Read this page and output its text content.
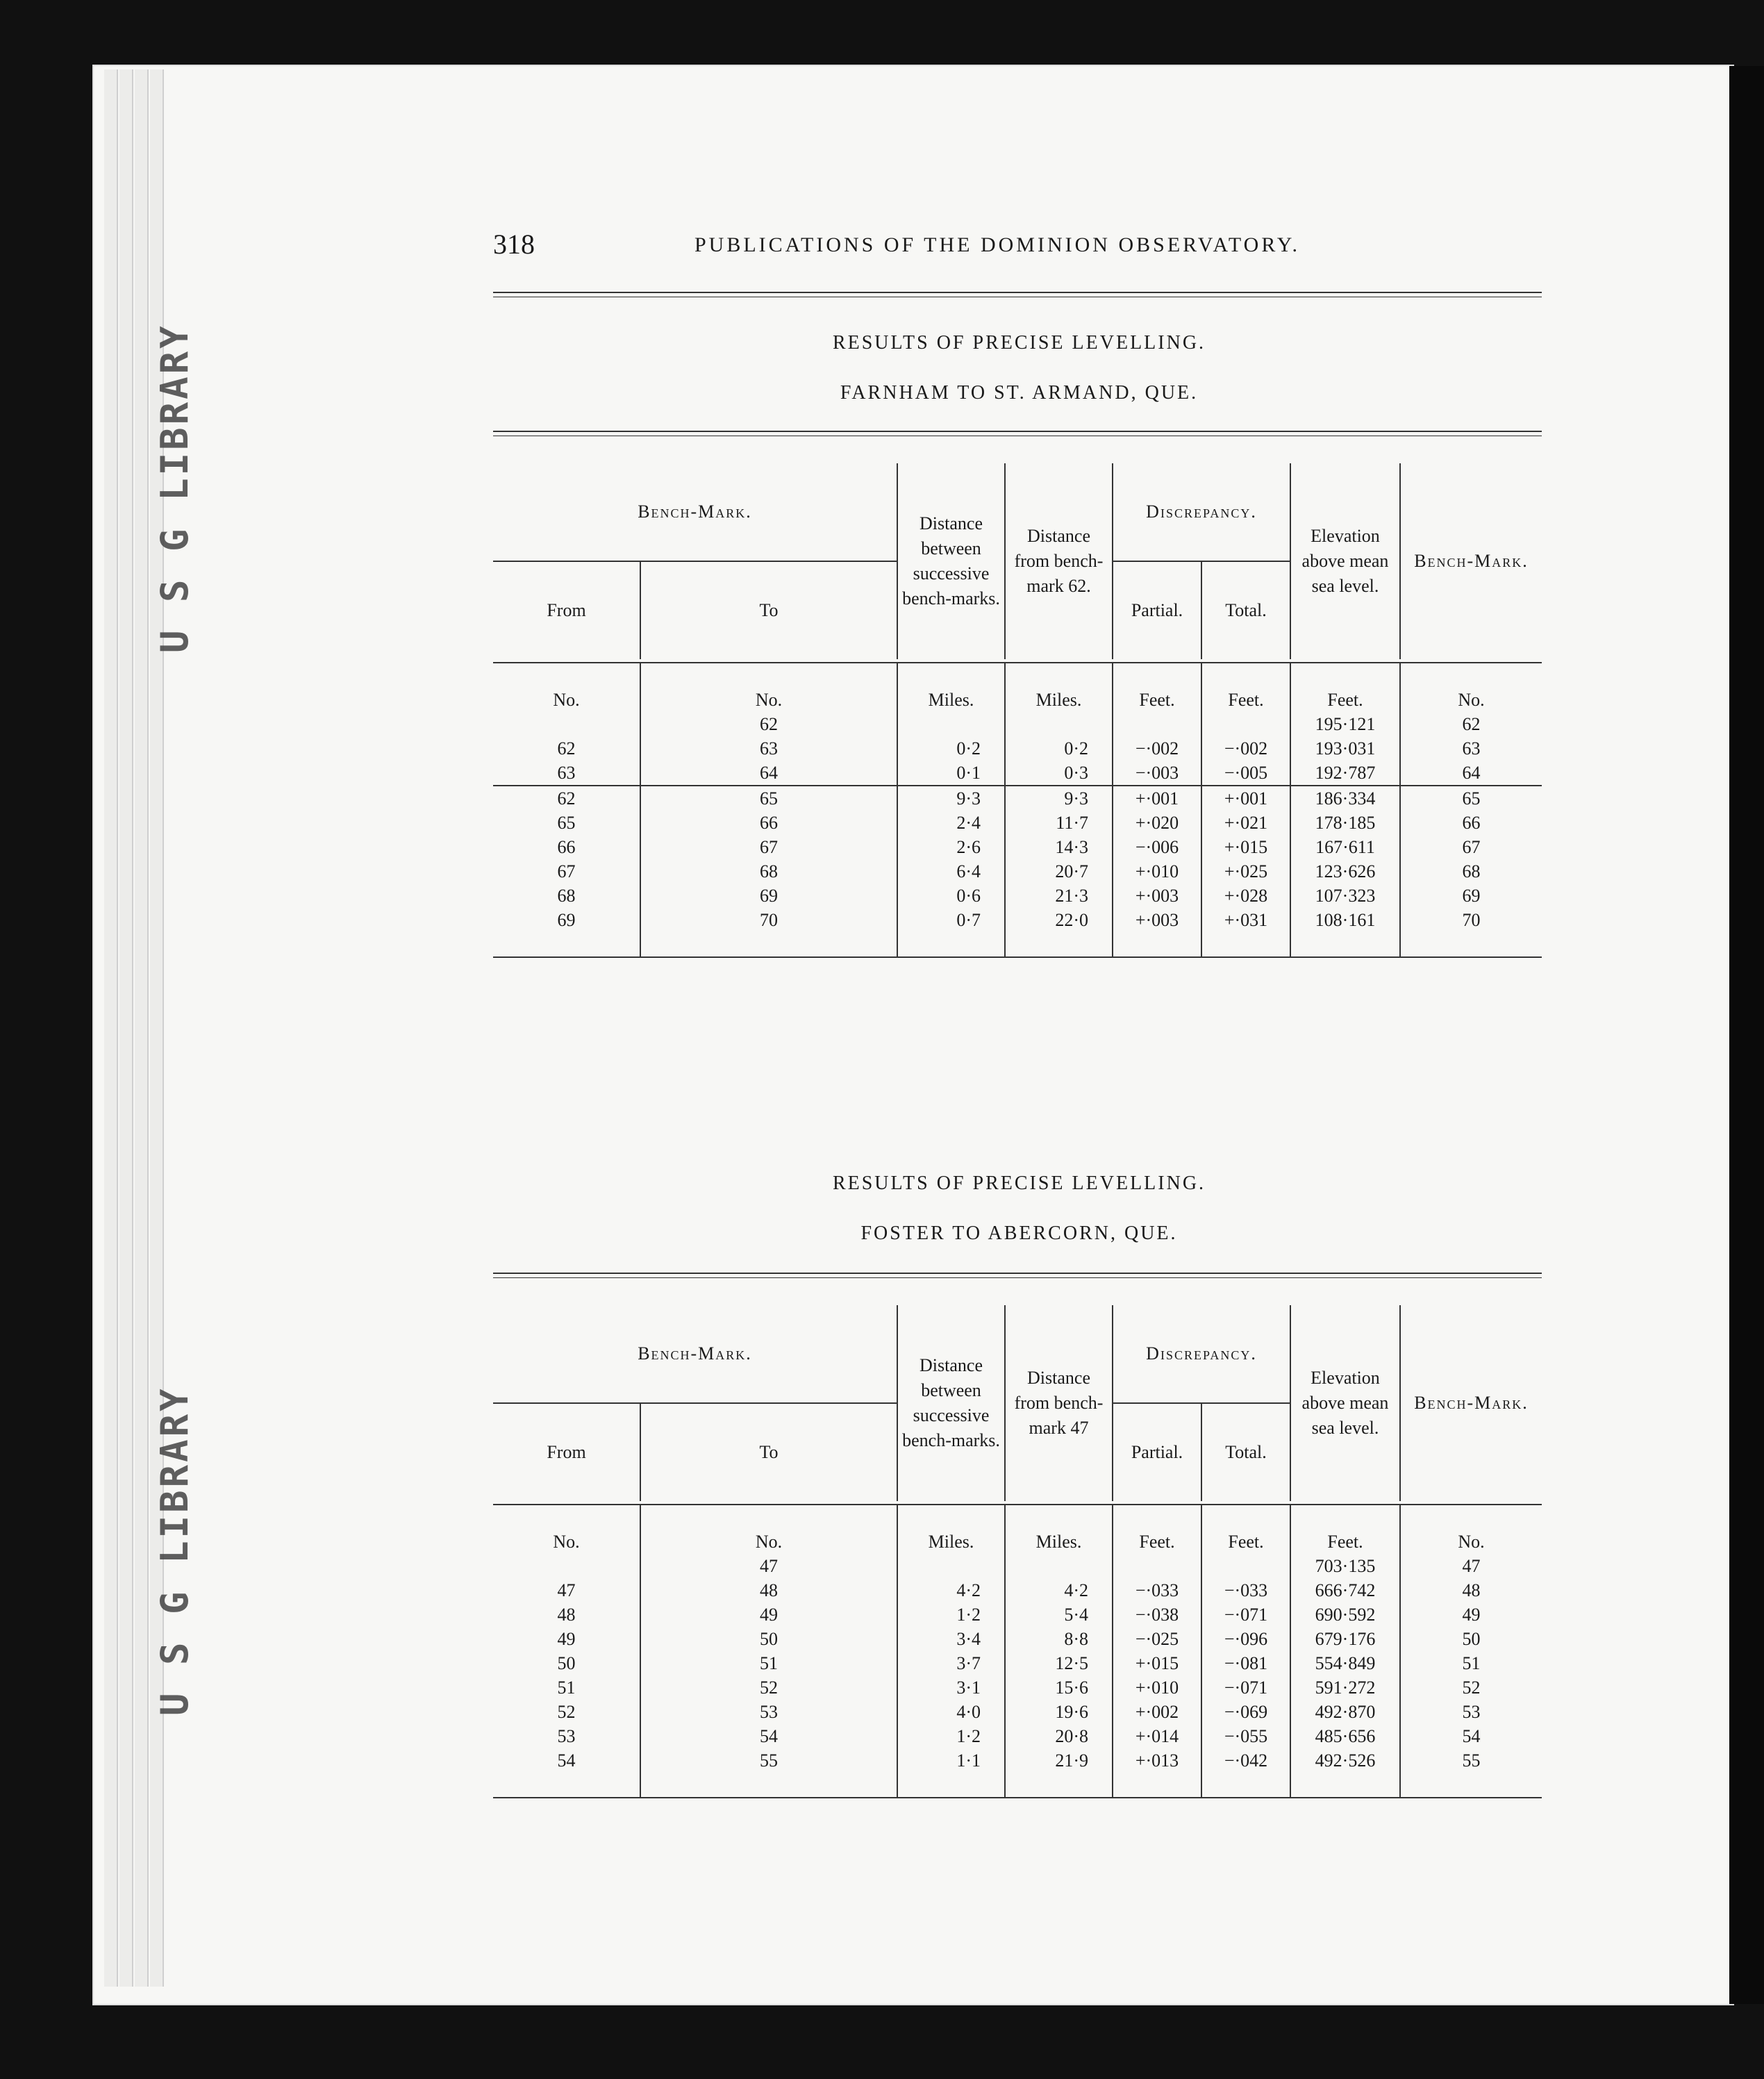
U S G LIBRARY
U S G LIBRARY
318	PUBLICATIONS OF THE DOMINION OBSERVATORY.
RESULTS OF PRECISE LEVELLING.
FARNHAM TO ST. ARMAND, QUE.

Bench-Mark.		Distance between successive bench-marks.	Distance from bench-mark 62.	Discrepancy.		Elevation above mean sea level.	Bench-Mark.
From	To			Partial.	Total.		

No.	No.	Miles.	Miles.	Feet.	Feet.	Feet.	No.
	62					195·121	62
62	63	0·2	0·2	−·002	−·002	193·031	63
63	64	0·1	0·3	−·003	−·005	192·787	64
62	65	9·3	9·3	+·001	+·001	186·334	65
65	66	2·4	11·7	+·020	+·021	178·185	66
66	67	2·6	14·3	−·006	+·015	167·611	67
67	68	6·4	20·7	+·010	+·025	123·626	68
68	69	0·6	21·3	+·003	+·028	107·323	69
69	70	0·7	22·0	+·003	+·031	108·161	70

RESULTS OF PRECISE LEVELLING.
FOSTER TO ABERCORN, QUE.

Bench-Mark.		Distance between successive bench-marks.	Distance from bench-mark 47	Discrepancy.		Elevation above mean sea level.	Bench-Mark.
From	To			Partial.	Total.		

No.	No.	Miles.	Miles.	Feet.	Feet.	Feet.	No.
	47					703·135	47
47	48	4·2	4·2	−·033	−·033	666·742	48
48	49	1·2	5·4	−·038	−·071	690·592	49
49	50	3·4	8·8	−·025	−·096	679·176	50
50	51	3·7	12·5	+·015	−·081	554·849	51
51	52	3·1	15·6	+·010	−·071	591·272	52
52	53	4·0	19·6	+·002	−·069	492·870	53
53	54	1·2	20·8	+·014	−·055	485·656	54
54	55	1·1	21·9	+·013	−·042	492·526	55
